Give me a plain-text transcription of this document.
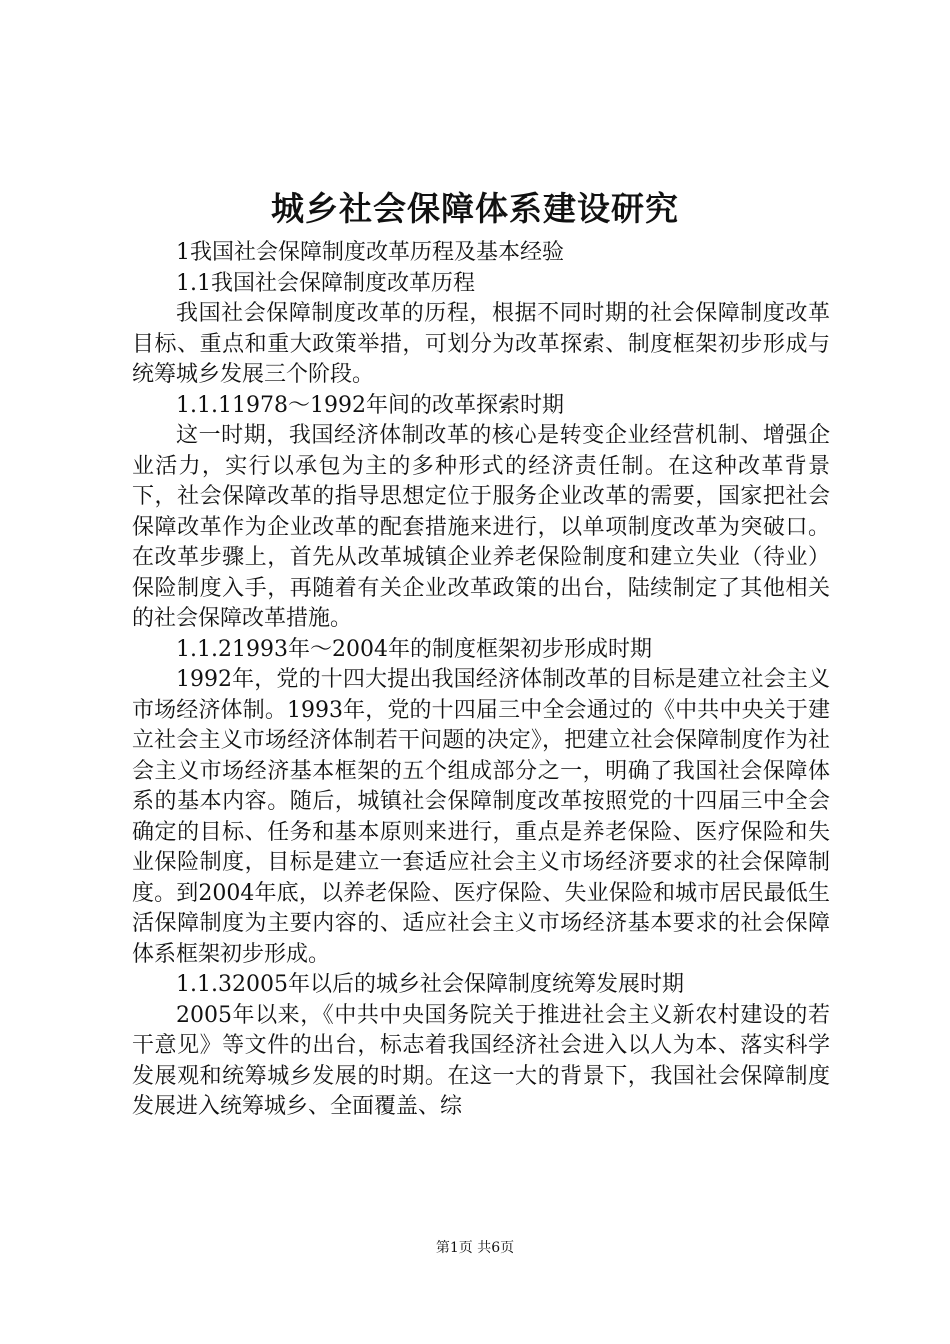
城乡社会保障体系建设研究

1我国社会保障制度改革历程及基本经验

1.1我国社会保障制度改革历程

我国社会保障制度改革的历程，根据不同时期的社会保障制度改革目标、重点和重大政策举措，可划分为改革探索、制度框架初步形成与统筹城乡发展三个阶段。

1.1.11978～1992年间的改革探索时期

这一时期，我国经济体制改革的核心是转变企业经营机制、增强企业活力，实行以承包为主的多种形式的经济责任制。在这种改革背景下，社会保障改革的指导思想定位于服务企业改革的需要，国家把社会保障改革作为企业改革的配套措施来进行，以单项制度改革为突破口。在改革步骤上，首先从改革城镇企业养老保险制度和建立失业（待业）保险制度入手，再随着有关企业改革政策的出台，陆续制定了其他相关的社会保障改革措施。

1.1.21993年～2004年的制度框架初步形成时期

1992年，党的十四大提出我国经济体制改革的目标是建立社会主义市场经济体制。1993年，党的十四届三中全会通过的《中共中央关于建立社会主义市场经济体制若干问题的决定》，把建立社会保障制度作为社会主义市场经济基本框架的五个组成部分之一，明确了我国社会保障体系的基本内容。随后，城镇社会保障制度改革按照党的十四届三中全会确定的目标、任务和基本原则来进行，重点是养老保险、医疗保险和失业保险制度，目标是建立一套适应社会主义市场经济要求的社会保障制度。到2004年底，以养老保险、医疗保险、失业保险和城市居民最低生活保障制度为主要内容的、适应社会主义市场经济基本要求的社会保障体系框架初步形成。

1.1.32005年以后的城乡社会保障制度统筹发展时期

2005年以来，《中共中央国务院关于推进社会主义新农村建设的若干意见》等文件的出台，标志着我国经济社会进入以人为本、落实科学发展观和统筹城乡发展的时期。在这一大的背景下，我国社会保障制度发展进入统筹城乡、全面覆盖、综

第1页 共6页
